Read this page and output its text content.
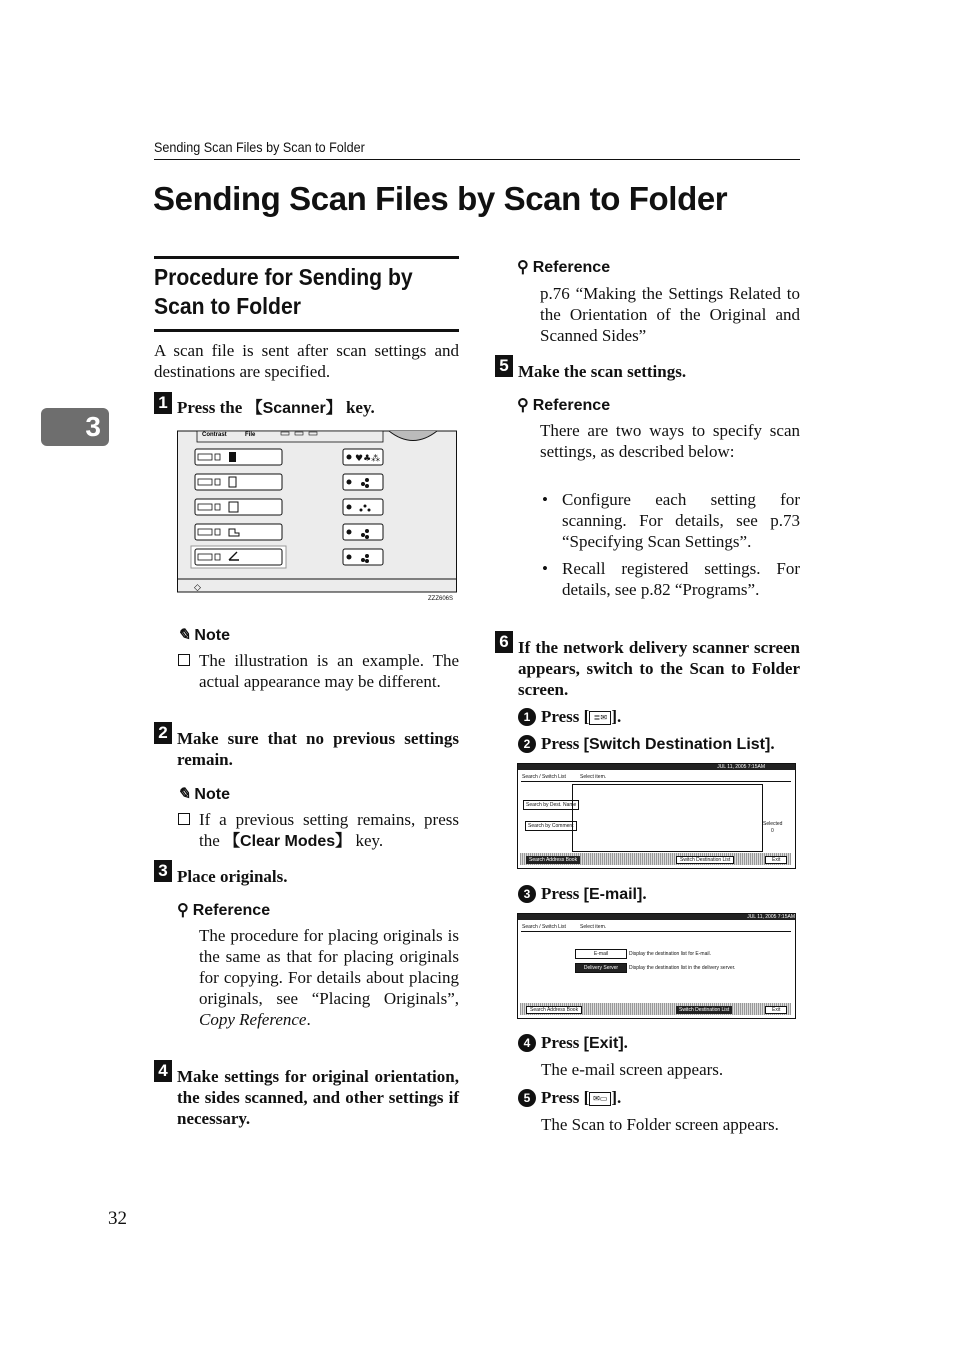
Sending Scan Files by Scan to Folder
Sending Scan Files by Scan to Folder
3
Procedure for Sending by
Scan to Folder
A scan file is sent after scan settings and destinations are specified.
1 Press the 【Scanner】 key.
Contrast	File
♥♣⁂
◇
ZZZ606S
✎ Note
The illustration is an example. The actual appearance may be different.
2 Make sure that no previous settings remain.
✎ Note
If a previous setting remains, press the 【Clear Modes】 key.
3 Place originals.
⚲ Reference
The procedure for placing originals is the same as that for placing originals for copying. For details about placing originals, see “Placing Originals”, Copy Reference.
4 Make settings for original orientation, the sides scanned, and other settings if necessary.
⚲ Reference
p.76 “Making the Settings Related to the Orientation of the Original and Scanned Sides”
5 Make the scan settings.
⚲ Reference
There are two ways to specify scan settings, as described below:
• Configure each setting for scanning. For details, see p.73 “Specifying Scan Settings”.
• Recall registered settings. For details, see p.82 “Programs”.
6 If the network delivery scanner screen appears, switch to the Scan to Folder screen.
1 Press [ ≣✉ ].
2 Press [Switch Destination List].
JUL 11, 2005 7:15AM
Search / Switch List	Select item.
Search by Dest. Name
Search by Comment	Selected
0
Search Address Book	Switch Destination List	Exit
3 Press [E-mail].
JUL 11, 2005 7:15AM
Search / Switch List	Select item.
E-mail	Display the destination list for E-mail.
Delivery Server	Display the destination list in the delivery server.
Search Address Book	Switch Destination List	Exit
4 Press [Exit].
The e-mail screen appears.
5 Press [ ✉▭ ].
The Scan to Folder screen appears.
32
